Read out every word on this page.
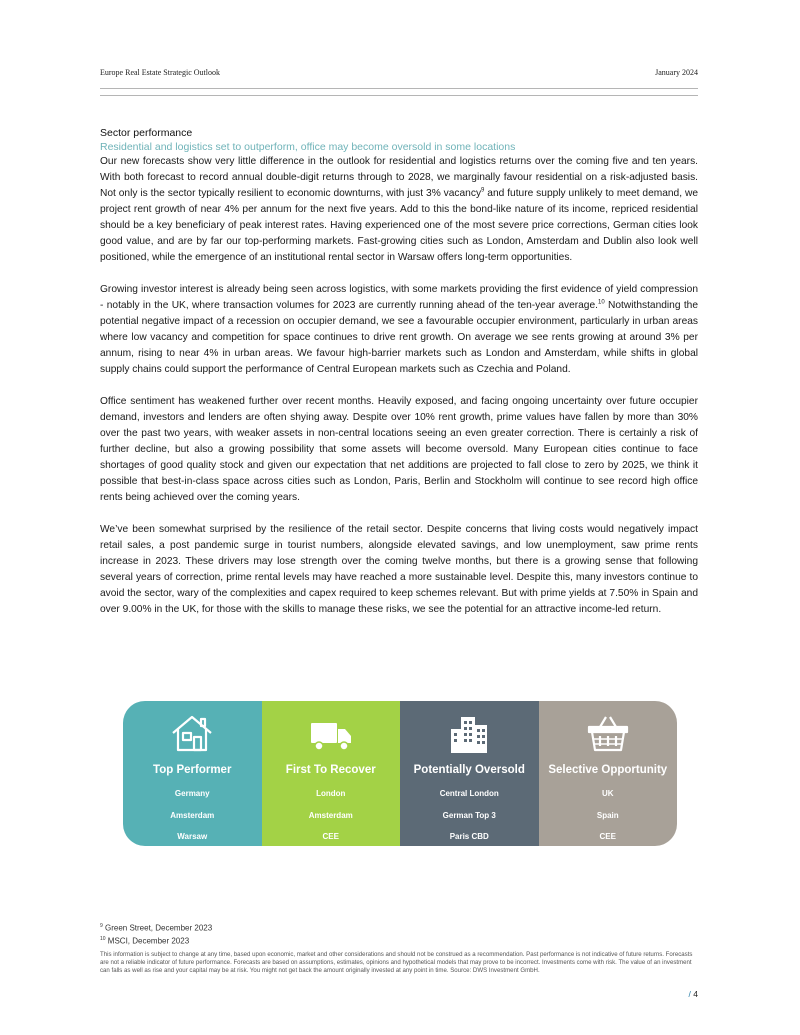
Europe Real Estate Strategic Outlook	January 2024
Sector performance
Residential and logistics set to outperform, office may become oversold in some locations

Our new forecasts show very little difference in the outlook for residential and logistics returns over the coming five and ten years. With both forecast to record annual double-digit returns through to 2028, we marginally favour residential on a risk-adjusted basis. Not only is the sector typically resilient to economic downturns, with just 3% vacancy$^9$ and future supply unlikely to meet demand, we project rent growth of near 4% per annum for the next five years. Add to this the bond-like nature of its income, repriced residential should be a key beneficiary of peak interest rates. Having experienced one of the most severe price corrections, German cities look good value, and are by far our top-performing markets. Fast-growing cities such as London, Amsterdam and Dublin also look well positioned, while the emergence of an institutional rental sector in Warsaw offers long-term opportunities.

Growing investor interest is already being seen across logistics, with some markets providing the first evidence of yield compression - notably in the UK, where transaction volumes for 2023 are currently running ahead of the ten-year average.$^{10}$ Notwithstanding the potential negative impact of a recession on occupier demand, we see a favourable occupier environment, particularly in urban areas where low vacancy and competition for space continues to drive rent growth. On average we see rents growing at around 3% per annum, rising to near 4% in urban areas. We favour high-barrier markets such as London and Amsterdam, while shifts in global supply chains could support the performance of Central European markets such as Czechia and Poland.

Office sentiment has weakened further over recent months. Heavily exposed, and facing ongoing uncertainty over future occupier demand, investors and lenders are often shying away. Despite over 10% rent growth, prime values have fallen by more than 30% over the past two years, with weaker assets in non-central locations seeing an even greater correction. There is certainly a risk of further decline, but also a growing possibility that some assets will become oversold. Many European cities continue to face shortages of good quality stock and given our expectation that net additions are projected to fall close to zero by 2025, we think it possible that best-in-class space across cities such as London, Paris, Berlin and Stockholm will continue to see record high office rents being achieved over the coming years.

We’ve been somewhat surprised by the resilience of the retail sector. Despite concerns that living costs would negatively impact retail sales, a post pandemic surge in tourist numbers, alongside elevated savings, and low unemployment, saw prime rents increase in 2023. These drivers may lose strength over the coming twelve months, but there is a growing sense that following several years of correction, prime rental levels may have reached a more sustainable level. Despite this, many investors continue to avoid the sector, wary of the complexities and capex required to keep schemes relevant. But with prime yields at 7.50% in Spain and over 9.00% in the UK, for those with the skills to manage these risks, we see the potential for an attractive income-led return.

Top Performer
Germany
Amsterdam
Warsaw
First To Recover
London
Amsterdam
CEE
Potentially Oversold
Central London
German Top 3
Paris CBD
Selective Opportunity
UK
Spain
CEE
$^9$ Green Street, December 2023
$^{10}$ MSCI, December 2023
This information is subject to change at any time, based upon economic, market and other considerations and should not be construed as a recommendation. Past performance is not indicative of future returns. Forecasts are not a reliable indicator of future performance. Forecasts are based on assumptions, estimates, opinions and hypothetical models that may prove to be incorrect. Investments come with risk. The value of an investment can falls as well as rise and your capital may be at risk. You might not get back the amount originally invested at any point in time. Source: DWS Investment GmbH.
/ 4
